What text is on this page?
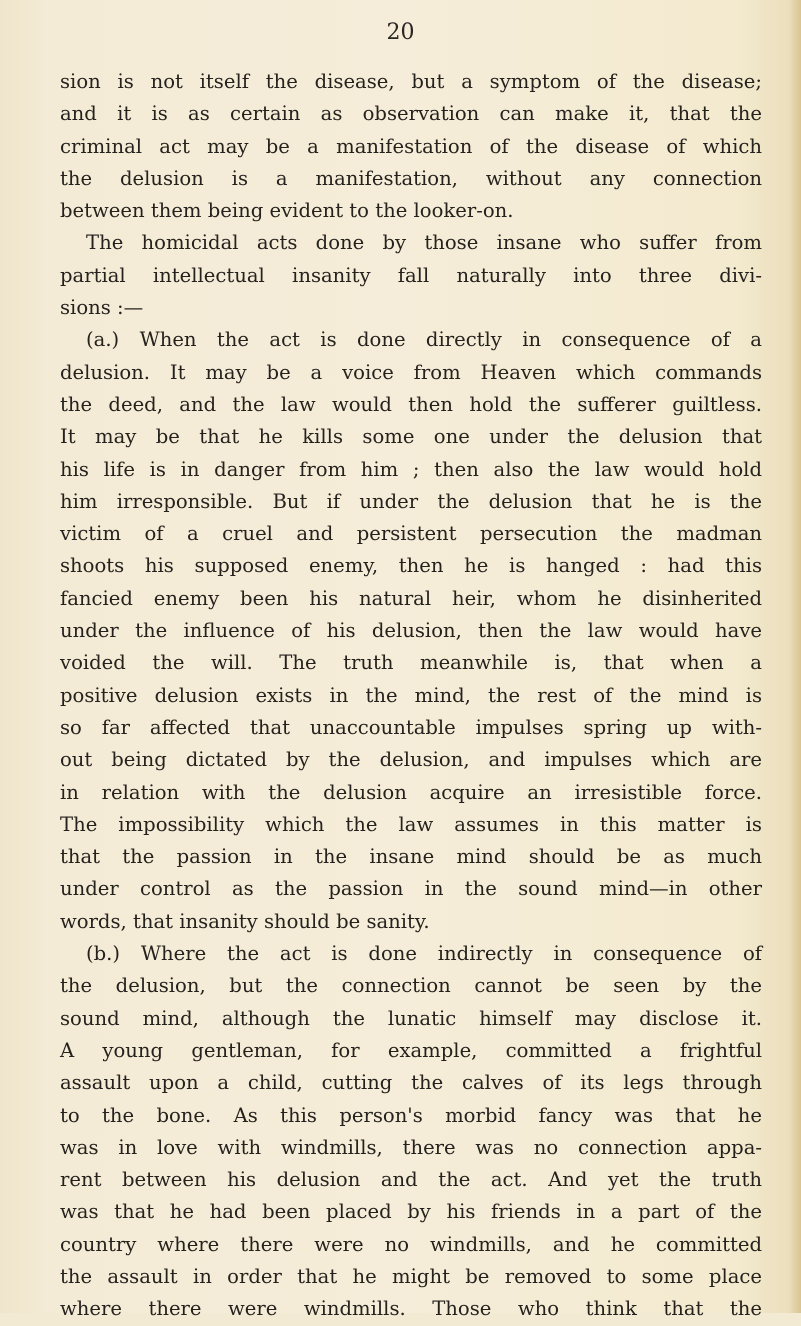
20
sion is not itself the disease, but a symptom of the disease;
and it is as certain as observation can make it, that the
criminal act may be a manifestation of the disease of which
the delusion is a manifestation, without any connection
between them being evident to the looker-on.
The homicidal acts done by those insane who suffer from
partial intellectual insanity fall naturally into three divi-
sions :—
(a.) When the act is done directly in consequence of a
delusion. It may be a voice from Heaven which commands
the deed, and the law would then hold the sufferer guiltless.
It may be that he kills some one under the delusion that
his life is in danger from him ; then also the law would hold
him irresponsible. But if under the delusion that he is the
victim of a cruel and persistent persecution the madman
shoots his supposed enemy, then he is hanged : had this
fancied enemy been his natural heir, whom he disinherited
under the influence of his delusion, then the law would have
voided the will. The truth meanwhile is, that when a
positive delusion exists in the mind, the rest of the mind is
so far affected that unaccountable impulses spring up with-
out being dictated by the delusion, and impulses which are
in relation with the delusion acquire an irresistible force.
The impossibility which the law assumes in this matter is
that the passion in the insane mind should be as much
under control as the passion in the sound mind—in other
words, that insanity should be sanity.
(b.) Where the act is done indirectly in consequence of
the delusion, but the connection cannot be seen by the
sound mind, although the lunatic himself may disclose it.
A young gentleman, for example, committed a frightful
assault upon a child, cutting the calves of its legs through
to the bone. As this person's morbid fancy was that he
was in love with windmills, there was no connection appa-
rent between his delusion and the act. And yet the truth
was that he had been placed by his friends in a part of the
country where there were no windmills, and he committed
the assault in order that he might be removed to some place
where there were windmills. Those who think that the
